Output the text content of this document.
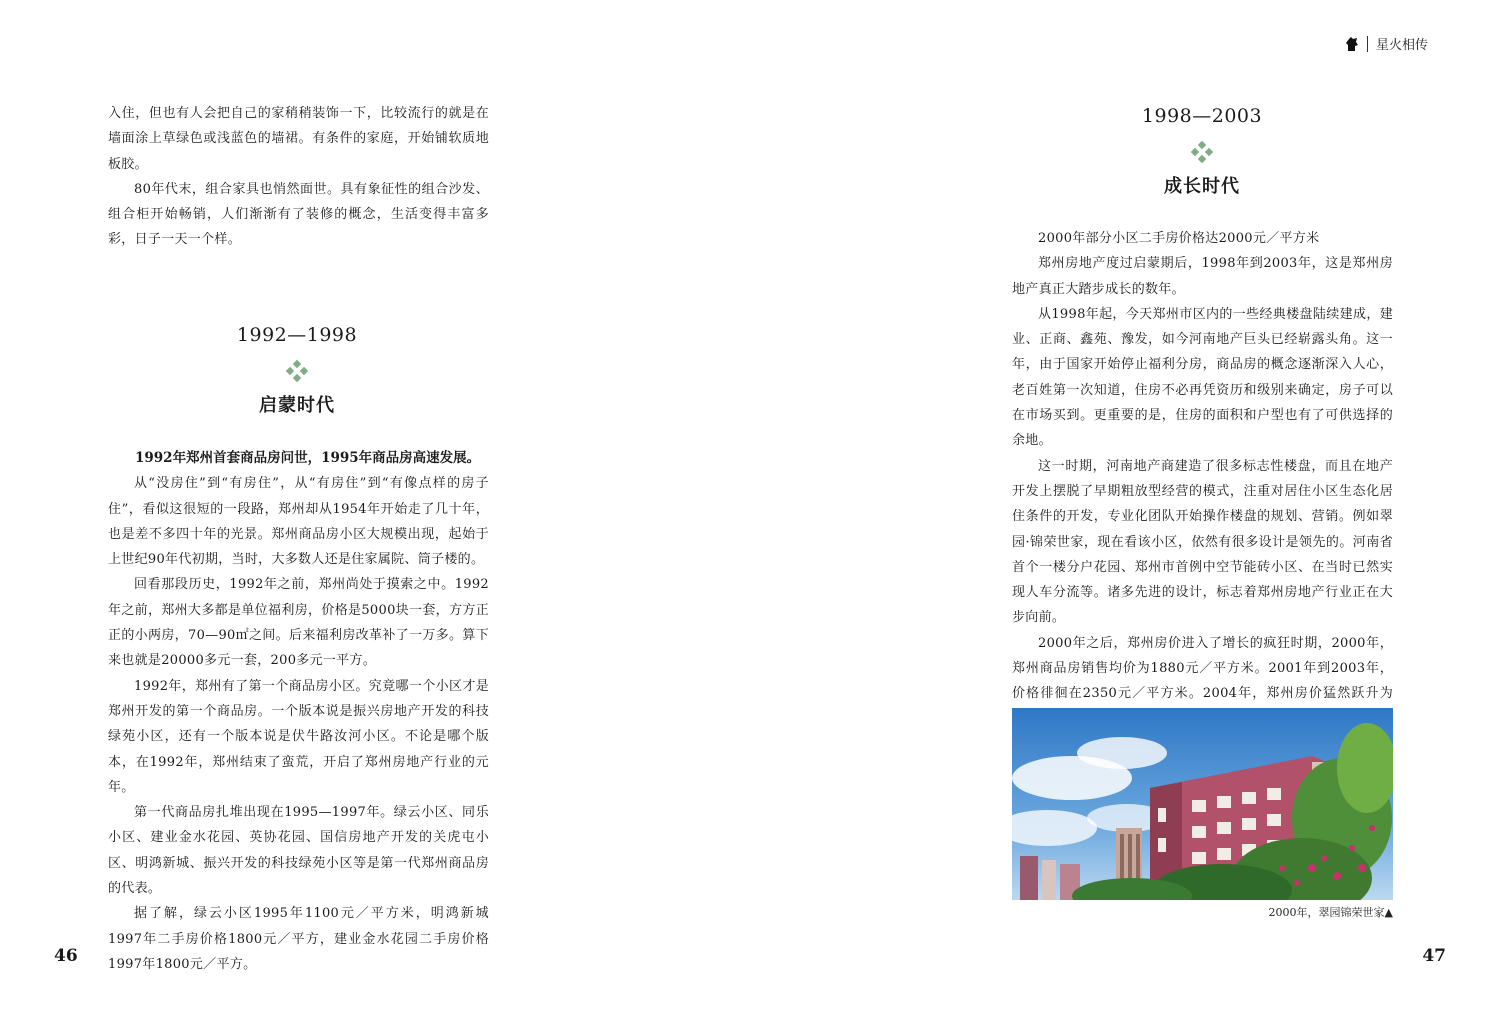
入住，但也有人会把自己的家稍稍装饰一下，比较流行的就是在墙面涂上草绿色或浅蓝色的墙裙。有条件的家庭，开始铺软质地板胶。

80年代末，组合家具也悄然面世。具有象征性的组合沙发、组合柜开始畅销，人们渐渐有了装修的概念，生活变得丰富多彩，日子一天一个样。

1992—1998

启蒙时代

1992年郑州首套商品房问世，1995年商品房高速发展。

从“没房住”到“有房住”，从“有房住”到“有像点样的房子住”，看似这很短的一段路，郑州却从1954年开始走了几十年，也是差不多四十年的光景。郑州商品房小区大规模出现，起始于上世纪90年代初期，当时，大多数人还是住家属院、筒子楼的。

回看那段历史，1992年之前，郑州尚处于摸索之中。1992年之前，郑州大多都是单位福利房，价格是5000块一套，方方正正的小两房，70—90㎡之间。后来福利房改革补了一万多。算下来也就是20000多元一套，200多元一平方。

1992年，郑州有了第一个商品房小区。究竟哪一个小区才是郑州开发的第一个商品房。一个版本说是振兴房地产开发的科技绿苑小区，还有一个版本说是伏牛路汝河小区。不论是哪个版本，在1992年，郑州结束了蛮荒，开启了郑州房地产行业的元年。

第一代商品房扎堆出现在1995—1997年。绿云小区、同乐小区、建业金水花园、英协花园、国信房地产开发的关虎屯小区、明鸿新城、振兴开发的科技绿苑小区等是第一代郑州商品房的代表。

据了解，绿云小区1995年1100元／平方米，明鸿新城1997年二手房价格1800元／平方，建业金水花园二手房价格1997年1800元／平方。

46
星火相传

1998—2003

成长时代

2000年部分小区二手房价格达2000元／平方米

郑州房地产度过启蒙期后，1998年到2003年，这是郑州房地产真正大踏步成长的数年。

从1998年起，今天郑州市区内的一些经典楼盘陆续建成，建业、正商、鑫苑、豫发，如今河南地产巨头已经崭露头角。这一年，由于国家开始停止福利分房，商品房的概念逐渐深入人心，老百姓第一次知道，住房不必再凭资历和级别来确定，房子可以在市场买到。更重要的是，住房的面积和户型也有了可供选择的余地。

这一时期，河南地产商建造了很多标志性楼盘，而且在地产开发上摆脱了早期粗放型经营的模式，注重对居住小区生态化居住条件的开发，专业化团队开始操作楼盘的规划、营销。例如翠园·锦荣世家，现在看该小区，依然有很多设计是领先的。河南省首个一楼分户花园、郑州市首例中空节能砖小区、在当时已然实现人车分流等。诸多先进的设计，标志着郑州房地产行业正在大步向前。

2000年之后，郑州房价进入了增长的疯狂时期，2000年，郑州商品房销售均价为1880元／平方米。2001年到2003年，价格徘徊在2350元／平方米。2004年，郑州房价猛然跃升为

2000年，翠园锦荣世家▲
47
